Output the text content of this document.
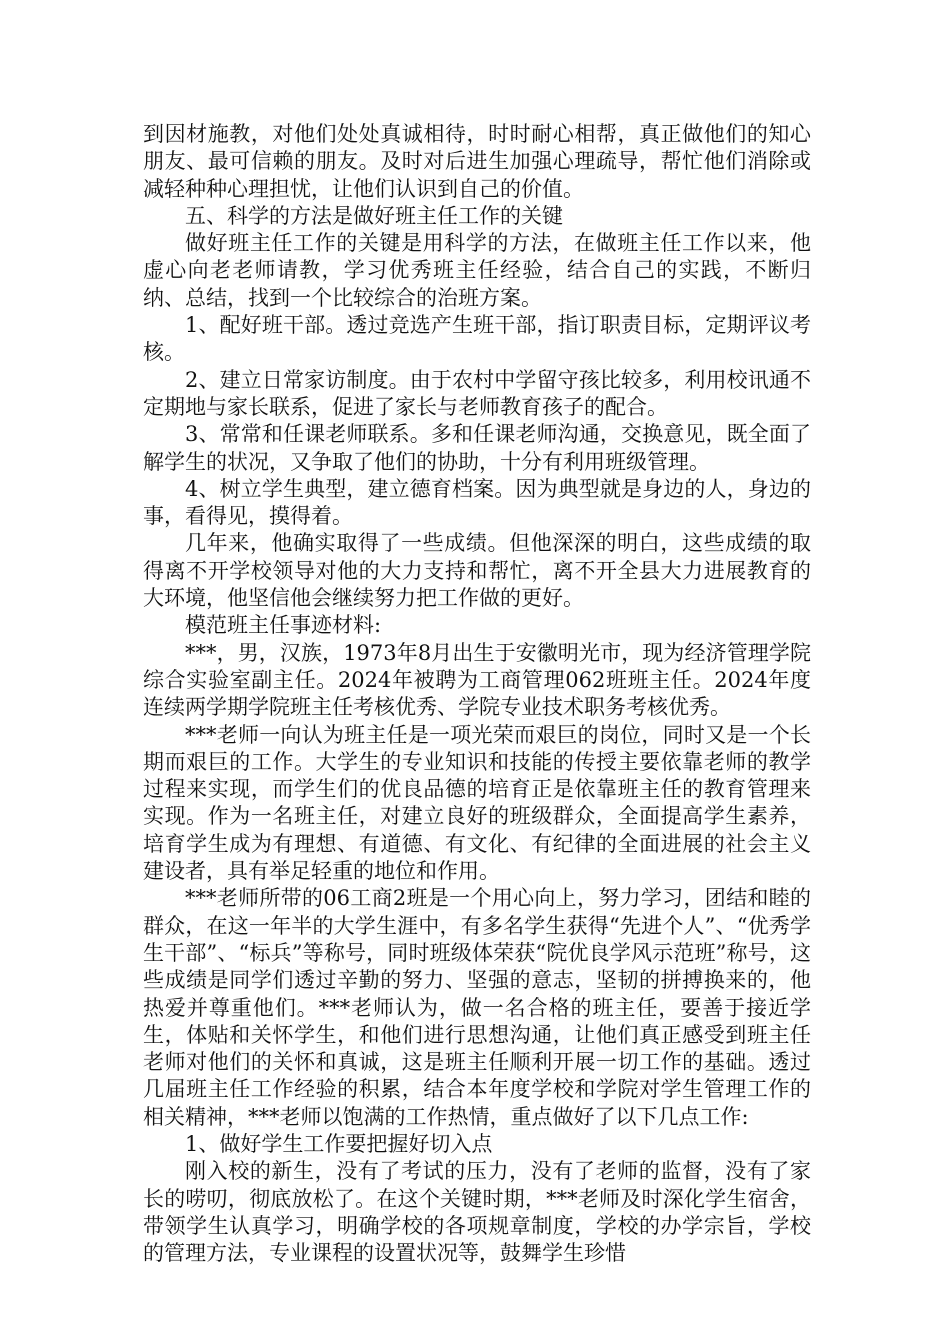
到因材施教，对他们处处真诚相待，时时耐心相帮，真正做他们的知心朋友、最可信赖的朋友。及时对后进生加强心理疏导，帮忙他们消除或减轻种种心理担忧，让他们认识到自己的价值。

五、科学的方法是做好班主任工作的关键

做好班主任工作的关键是用科学的方法，在做班主任工作以来，他虚心向老老师请教，学习优秀班主任经验，结合自己的实践，不断归纳、总结，找到一个比较综合的治班方案。

1、配好班干部。透过竞选产生班干部，指订职责目标，定期评议考核。

2、建立日常家访制度。由于农村中学留守孩比较多，利用校讯通不定期地与家长联系，促进了家长与老师教育孩子的配合。

3、常常和任课老师联系。多和任课老师沟通，交换意见，既全面了解学生的状况，又争取了他们的协助，十分有利用班级管理。

4、树立学生典型，建立德育档案。因为典型就是身边的人，身边的事，看得见，摸得着。

几年来，他确实取得了一些成绩。但他深深的明白，这些成绩的取得离不开学校领导对他的大力支持和帮忙，离不开全县大力进展教育的大环境，他坚信他会继续努力把工作做的更好。

模范班主任事迹材料:

***，男，汉族，1973年8月出生于安徽明光市，现为经济管理学院综合实验室副主任。2024年被聘为工商管理062班班主任。2024年度连续两学期学院班主任考核优秀、学院专业技术职务考核优秀。

***老师一向认为班主任是一项光荣而艰巨的岗位，同时又是一个长期而艰巨的工作。大学生的专业知识和技能的传授主要依靠老师的教学过程来实现，而学生们的优良品德的培育正是依靠班主任的教育管理来实现。作为一名班主任，对建立良好的班级群众，全面提高学生素养，培育学生成为有理想、有道德、有文化、有纪律的全面进展的社会主义建设者，具有举足轻重的地位和作用。

***老师所带的06工商2班是一个用心向上，努力学习，团结和睦的群众，在这一年半的大学生涯中，有多名学生获得“先进个人”、“优秀学生干部”、“标兵”等称号，同时班级体荣获“院优良学风示范班”称号，这些成绩是同学们透过辛勤的努力、坚强的意志，坚韧的拼搏换来的，他热爱并尊重他们。***老师认为，做一名合格的班主任，要善于接近学生，体贴和关怀学生，和他们进行思想沟通，让他们真正感受到班主任老师对他们的关怀和真诚，这是班主任顺利开展一切工作的基础。透过几届班主任工作经验的积累，结合本年度学校和学院对学生管理工作的相关精神，***老师以饱满的工作热情，重点做好了以下几点工作:

1、做好学生工作要把握好切入点

刚入校的新生，没有了考试的压力，没有了老师的监督，没有了家长的唠叨，彻底放松了。在这个关键时期，***老师及时深化学生宿舍，带领学生认真学习，明确学校的各项规章制度，学校的办学宗旨，学校的管理方法，专业课程的设置状况等，鼓舞学生珍惜
